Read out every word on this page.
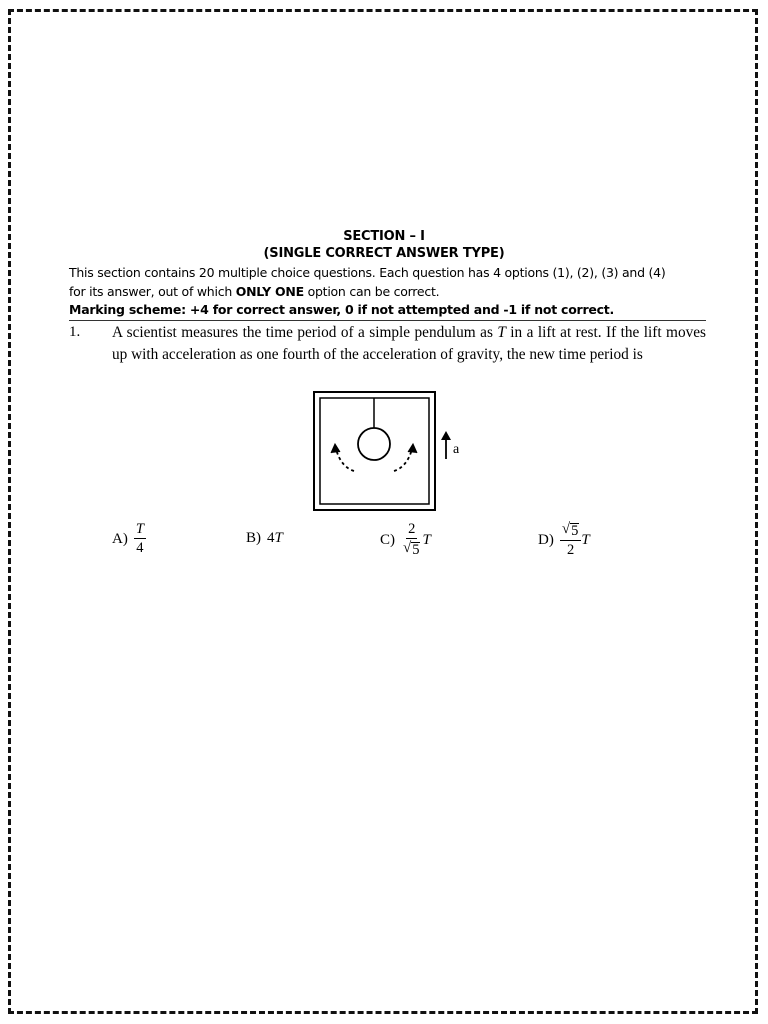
SECTION – I
(SINGLE CORRECT ANSWER TYPE)
This section contains 20 multiple choice questions. Each question has 4 options (1), (2), (3) and (4)
for its answer, out of which ONLY ONE option can be correct.
Marking scheme: +4 for correct answer, 0 if not attempted and -1 if not correct.
1. A scientist measures the time period of a simple pendulum as T in a lift at rest. If the lift moves up with acceleration as one fourth of the acceleration of gravity, the new time period is
a
$A) \frac{T}{4}$	B) 4 T	$C) \frac{2}{√ 5}$ T	$D) \frac{√ 5}{2}$ T
